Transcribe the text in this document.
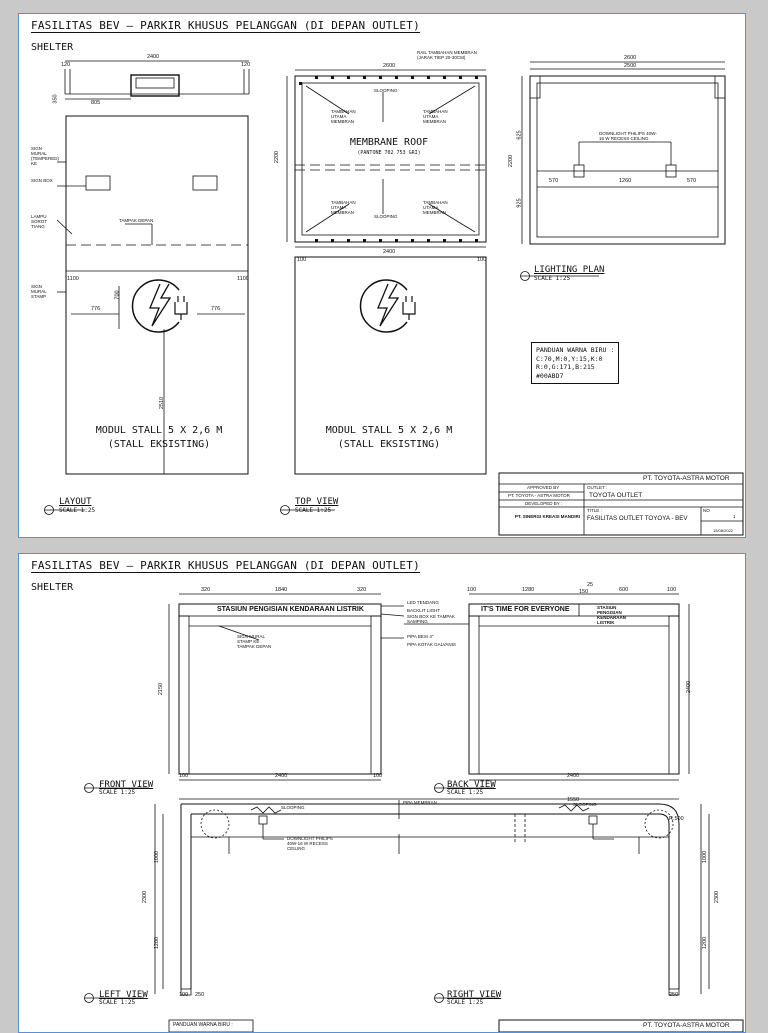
FASILITAS BEV – PARKIR KHUSUS PELANGGAN (DI DEPAN OUTLET)
SHELTER
2400
120	120
805
350
1100	1100
776	776
700
2510
SIGN MURAL (TEMPERED) KE
SIGN BOX
LAMPU SOROT TIANG
TAMPAK DEPAN
SIGN MURAL STAMP
MODUL STALL 5 X 2,6 M
(STALL EKSISTING)
LAYOUT
SCALE 1:25
2600
RAIL TAMBAHAN MEMBRAN (JARAK TIEP 20-30CM)
SLOOPING
SLOOPING
TAMBAHAN UTAMA MEMBRAN
TAMBAHAN UTAMA MEMBRAN
TAMBAHAN UTAMA MEMBRAN
TAMBAHAN UTAMA MEMBRAN
MEMBRANE ROOF
(PANTONE 702 753 GRI)
2200
2400
100	100
MODUL STALL 5 X 2,6 M
(STALL EKSISTING)
TOP VIEW
SCALE 1:25
2600
2500
DOWNLIGHT PHILIPS 40W-16 W RECESS CEILING
570	1260	570
2200
625
925
LIGHTING PLAN
SCALE 1:25
PANDUAN WARNA BIRU :
C:70,M:0,Y:15,K:0
R:0,G:171,B:215
#00ABD7
PT. TOYOTA-ASTRA MOTOR
APPROVED BY
PT. TOYOTA - ASTRA MOTOR
DEVELOPED BY :
PT. SINERGI KREASI MANDIRI
OUTLET :
TOYOTA OUTLET
TITLE :
FASILITAS OUTLET TOYOYA - BEV
NO
1
15/08/2022
FASILITAS BEV – PARKIR KHUSUS PELANGGAN (DI DEPAN OUTLET)
SHELTER	320	1840	320
STASIUN PENGISIAN KENDARAAN LISTRIK
SIGN MURAL STAMP KE TAMPAK DEPAN
2150
2400
100	100
FRONT VIEW
SCALE 1:25
100	1280
25
150	600	100
IT'S TIME FOR EVERYONE	STASIUN PENGISIAN KENDARAAN LISTRIK
2400
2400
BACK VIEW
SCALE 1:25
LED TENDANG
BACKLIT LIGHT
SIGN BOX KE TAMPAK SAMPING
PIPA BESI 4"
PIPA KOTAK GALVANIS
SLOOPING
SLOOPING
PIPA MEMBRAN
DOWNLIGHT PHILIPS 40W-16 W RECESS CEILING
1550
R.500
2300
1000
1200
100 250
2300
1000
1200
250
LEFT VIEW
SCALE 1:25
RIGHT VIEW
SCALE 1:25
PANDUAN WARNA BIRU :	PT. TOYOTA-ASTRA MOTOR
